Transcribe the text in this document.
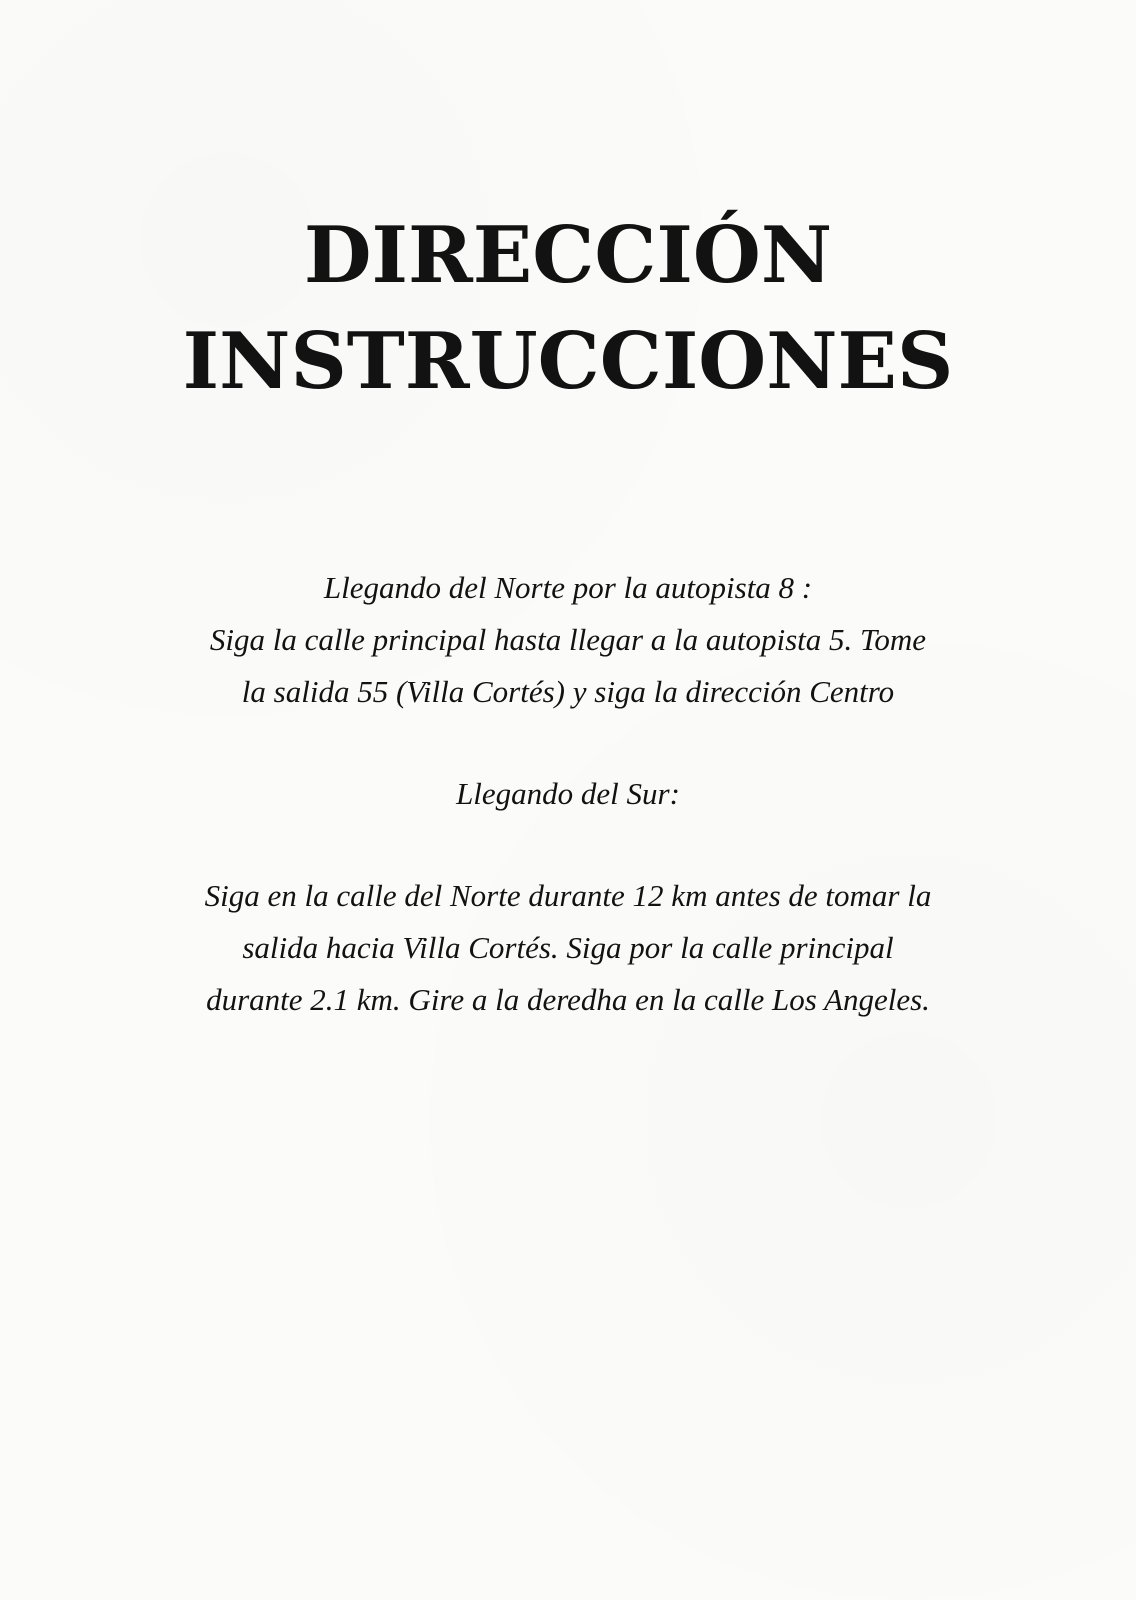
DIRECCIÓN
INSTRUCCIONES

Llegando del Norte por la autopista 8 :

Siga la calle principal hasta llegar a la autopista 5. Tome

la salida 55 (Villa Cortés) y siga la dirección Centro

Llegando del Sur:

Siga en la calle del Norte durante 12 km antes de tomar la

salida hacia Villa Cortés. Siga por la calle principal

durante 2.1 km. Gire a la deredha en la calle Los Angeles.
